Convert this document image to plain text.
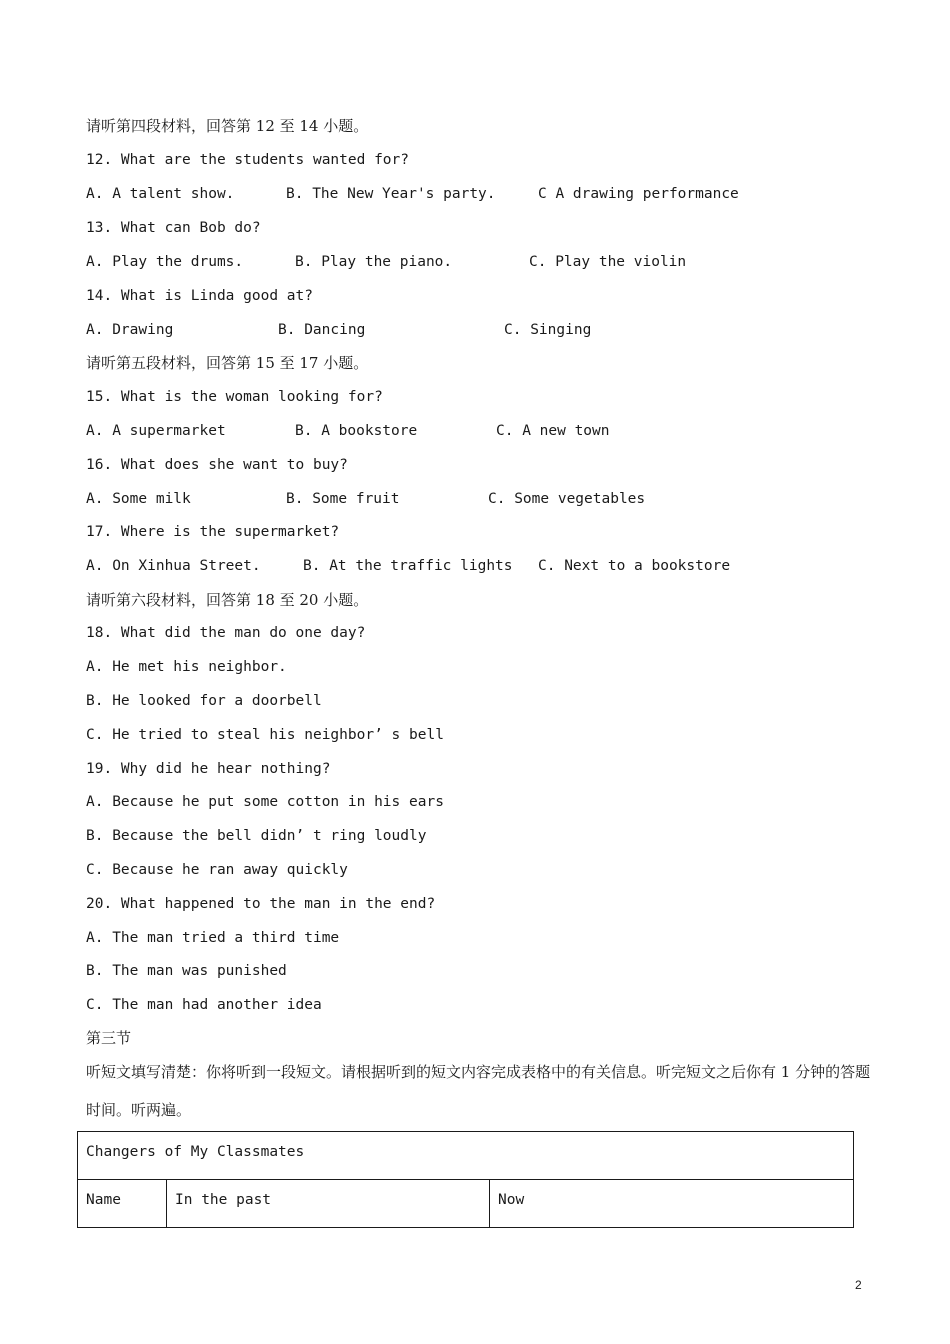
请听第四段材料，回答第 12 至 14 小题。

12. What are the students wanted for?

A. A talent show.	B. The New Year's party.	C A drawing performance

13. What can Bob do?

A. Play the drums.	B. Play the piano.	C. Play the violin

14. What is Linda good at?

A. Drawing	B. Dancing	C. Singing

请听第五段材料，回答第 15 至 17 小题。

15. What is the woman looking for?

A. A supermarket	B. A bookstore	C. A new town

16. What does she want to buy?

A. Some milk	B. Some fruit	C. Some vegetables

17. Where is the supermarket?

A. On Xinhua Street.	B. At the traffic lights C. Next to a bookstore

请听第六段材料，回答第 18 至 20 小题。

18. What did the man do one day?

A. He met his neighbor.

B. He looked for a doorbell

C. He tried to steal his neighbor’ s bell

19. Why did he hear nothing?

A. Because he put some cotton in his ears

B. Because the bell didn’ t ring loudly

C. Because he ran away quickly

20. What happened to the man in the end?

A. The man tried a third time

B. The man was punished

C. The man had another idea

第三节

听短文填写清楚：你将听到一段短文。请根据听到的短文内容完成表格中的有关信息。听完短文之后你有 1 分钟的答题时间。听两遍。

Changers of My Classmates
Name	In the past	Now
2
